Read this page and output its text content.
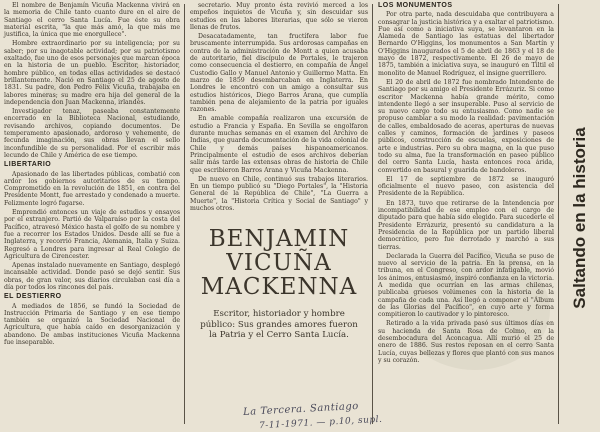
El nombre de Benjamín Vicuña Mackenna vivirá en la memoria de Chile tanto cuanto dure en el aire de Santiago el cerro Santa Lucía. Fue éste su obra material escrita, "la que más amó, la que más me justifica, la única que me enorgullece".

Hombre extraordinario por su inteligencia; por su saber; por su inagotable actividad; por su patriotismo exaltado, fue uno de esos personajes que marcan época en la historia de un pueblo. Escritor, historiador, hombre público, en todas ellas actividades se destacó brillantemente. Nació en Santiago el 25 de agosto de 1831. Su padre, don Pedro Félix Vicuña, trabajaba en labores mineras; su madre era hija del general de la independencia don Juan Mackenna, irlandés.

Investigador tenaz, paseaba constantemente encerrado en la Biblioteca Nacional, estudiando, revisando archivos, copiando documentos. De temperamento apasionado, ardoroso y vehemente, de fecunda imaginación, sus obras llevan el sello inconfundible de su personalidad. Por el escribir más lecundo de Chile y América de ese tiempo.

LIBERTARIO

Apasionado de las libertades públicas, combatió con ardor los gobiernos autoritarios de su tiempo. Comprometido en la revolución de 1851, en contra del Presidente Montt, fue arrestado y condenado a muerte. Felizmente logró fugarse.

Emprendió entonces un viaje de estudios y ensayos por el extranjero. Partió de Valparaíso por la costa del Pacífico, atravesó México hasta el golfo de su nombre y fue a recorrer los Estados Unidos. Desde allí se fue a Inglaterra, y recorrió Francia, Alemania, Italia y Suiza. Regresó a Londres para ingresar al Real Colegio de Agricultura de Cirencester.

Apenas instalado nuevamente en Santiago, desplegó incansable actividad. Donde pasó se dejó sentir. Sus obras, de gran valor, sus diarios circulaban casi día a día por todos los rincones del país.

EL DESTIERRO

A mediados de 1856, se fundó la Sociedad de Instrucción Primaria de Santiago y en ese tiempo también se organizó la Sociedad Nacional de Agricultura, que había caído en desorganización y abandono. De ambas instituciones Vicuña Mackenna fue inseparable.

secretario. Muy pronto ésta revivió merced a los empeños inquietos de Vicuña y, sin descuidar sus estudios en las labores literarias, que sólo se vieron llenas de frutos.

Desacatadamente, tan fructífera labor fue bruscamente interrumpida. Sus ardorosas campañas en contra de la administración de Montt a quien acusaba de autoritario, fiel discípulo de Portales, le trajeron como consecuencia el destierro, en compañía de Ángel Custodio Gallo y Manuel Antonio y Guillermo Matta. En marzo de 1859 desembarcaban en Inglaterra. En Londres le encontró con un amigo a consultar sus estudios históricos, Diego Barros Arana, que cumplía también pena de alejamiento de la patria por iguales razones.

En amable compañía realizaron una excursión de estudio a Francia y España. En Sevilla se engolfaron durante muchas semanas en el examen del Archivo de Indias, que guarda documentación de la vida colonial de Chile y demás países hispanoamericanos. Principalmente el estudio de esos archivos deberían salir más tarde las extensas obras de historia de Chile que escribieron Barros Arana y Vicuña Mackenna.

De nuevo en Chile, continuó sus trabajos literarios. En un tiempo publicó su "Diego Portales", la "Historia General de la República de Chile", "La Guerra a Muerte", la "Historia Crítica y Social de Santiago" y muchos otros.

BENJAMIN

VICUÑA

MACKENNA

Escritor, historiador y hombre público: Sus grandes amores fueron la Patria y el Cerro Santa Lucía.

LOS MONUMENTOS

Por otra parte, nada descuidaba que contribuyera a consagrar la justicia histórica y a exaltar el patriotismo. Fue así como a iniciativa suya, se levantaron en la Alameda de Santiago las estatuas del libertador Bernardo O'Higgins, los monumentos a San Martín y O'Higgins inaugurados el 5 de abril de 1863 y el 18 de mayo de 1872, respectivamente. El 26 de mayo de 1875, también a iniciativa suya, se inauguró en Tiltil el monolito de Manuel Rodríguez, el insigne guerrillero.

El 20 de abril de 1872 fue nombrado Intendente de Santiago por su amigo el Presidente Errázuriz. Si como escritor Mackenna había grande mérito, como intendente llegó a ser insuperable. Puso al servicio de su nuevo cargo todo su entusiasmo. Como nadie se propuso cambiar a su modo la realidad: pavimentación de calles, embaldosado de aceras, aperturas de nuevas calles y caminos, formación de jardines y paseos públicos, construcción de escuelas, exposiciones de arte e industrias. Pero su obra magna, en la que puso todo su alma, fue la transformación en paseo público del cerro Santa Lucía, hasta entonces roca árida, convertido en basural y guarida de bandoleros.

El 17 de septiembre de 1872 se inauguró oficialmente el nuevo paseo, con asistencia del Presidente de la República.

En 1873, tuvo que retirarse de la Intendencia por incompatibilidad de ese empleo con el cargo de diputado para que había sido elegido. Para sucederle el Presidente Errázuriz, presentó su candidatura a la Presidencia de la República por un partido liberal democrático, pero fue derrotado y marchó a sus tierras.

Declarada la Guerra del Pacífico, Vicuña se puso de nuevo al servicio de la patria. En la prensa, en la tribuna, en el Congreso, con ardor infatigable, movió los ánimos, entusiasmó, inspiró confianza en la victoria. A medida que ocurrían en las armas chilenas, publicaba gruesos volúmenes con la historia de la campaña de cada una. Así llegó a componer el "Álbum de las Glorias del Pacífico", en cuyo arte y forma compitieron lo cautivador y lo pintoresco.

Retirado a la vida privada pasó sus últimos días en su hacienda de Santa Rosa de Colmo, en la desembocadura del Aconcagua. Allí murió el 25 de enero de 1886. Sus restos reposan en el cerro Santa Lucía, cuyas bellezas y flores que plantó con sus manos y su corazón.

Saltando en la historia
La Tercera. Santiago
7-11-1971. — p.10, supl.
